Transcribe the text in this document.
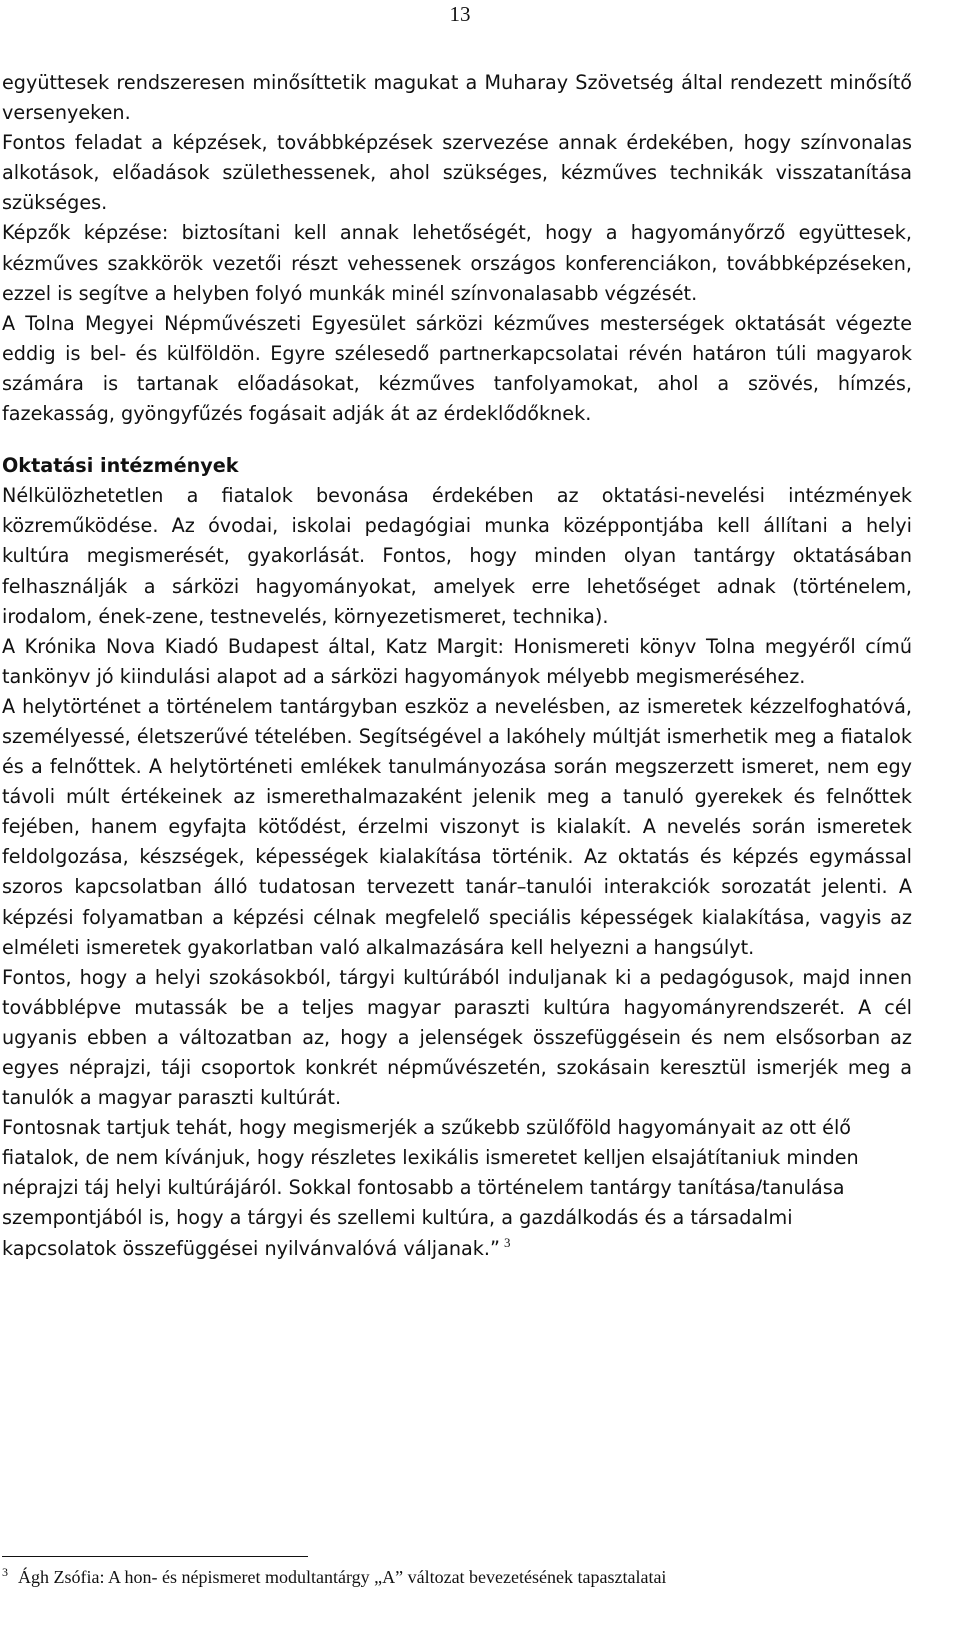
13

együttesek rendszeresen minősíttetik magukat a Muharay Szövetség által rendezett minősítő versenyeken.

Fontos feladat a képzések, továbbképzések szervezése annak érdekében, hogy színvonalas alkotások, előadások születhessenek, ahol szükséges, kézműves technikák visszatanítása szükséges.

Képzők képzése: biztosítani kell annak lehetőségét, hogy a hagyományőrző együttesek, kézműves szakkörök vezetői részt vehessenek országos konferenciákon, továbbképzéseken, ezzel is segítve a helyben folyó munkák minél színvonalasabb végzését.

A Tolna Megyei Népművészeti Egyesület sárközi kézműves mesterségek oktatását végezte eddig is bel- és külföldön. Egyre szélesedő partnerkapcsolatai révén határon túli magyarok számára is tartanak előadásokat, kézműves tanfolyamokat, ahol a szövés, hímzés, fazekasság, gyöngyfűzés fogásait adják át az érdeklődőknek.

Oktatási intézmények

Nélkülözhetetlen a fiatalok bevonása érdekében az oktatási-nevelési intézmények közreműködése. Az óvodai, iskolai pedagógiai munka középpontjába kell állítani a helyi kultúra megismerését, gyakorlását. Fontos, hogy minden olyan tantárgy oktatásában felhasználják a sárközi hagyományokat, amelyek erre lehetőséget adnak (történelem, irodalom, ének-zene, testnevelés, környezetismeret, technika).

A Krónika Nova Kiadó Budapest által, Katz Margit: Honismereti könyv Tolna megyéről című tankönyv jó kiindulási alapot ad a sárközi hagyományok mélyebb megismeréséhez.

A helytörténet a történelem tantárgyban eszköz a nevelésben, az ismeretek kézzelfoghatóvá, személyessé, életszerűvé tételében. Segítségével a lakóhely múltját ismerhetik meg a fiatalok és a felnőttek. A helytörténeti emlékek tanulmányozása során megszerzett ismeret, nem egy távoli múlt értékeinek az ismerethalmazaként jelenik meg a tanuló gyerekek és felnőttek fejében, hanem egyfajta kötődést, érzelmi viszonyt is kialakít. A nevelés során ismeretek feldolgozása, készségek, képességek kialakítása történik. Az oktatás és képzés egymással szoros kapcsolatban álló tudatosan tervezett tanár–tanulói interakciók sorozatát jelenti. A képzési folyamatban a képzési célnak megfelelő speciális képességek kialakítása, vagyis az elméleti ismeretek gyakorlatban való alkalmazására kell helyezni a hangsúlyt.

Fontos, hogy a helyi szokásokból, tárgyi kultúrából induljanak ki a pedagógusok, majd innen továbblépve mutassák be a teljes magyar paraszti kultúra hagyományrendszerét. A cél ugyanis ebben a változatban az, hogy a jelenségek összefüggésein és nem elsősorban az egyes néprajzi, táji csoportok konkrét népművészetén, szokásain keresztül ismerjék meg a tanulók a magyar paraszti kultúrát.

Fontosnak tartjuk tehát, hogy megismerjék a szűkebb szülőföld hagyományait az ott élő fiatalok, de nem kívánjuk, hogy részletes lexikális ismeretet kelljen elsajátítaniuk minden néprajzi táj helyi kultúrájáról. Sokkal fontosabb a történelem tantárgy tanítása/tanulása szempontjából is, hogy a tárgyi és szellemi kultúra, a gazdálkodás és a társadalmi kapcsolatok összefüggései nyilvánvalóvá váljanak.” $^3$

$^3$ Ágh Zsófia: A hon- és népismeret modultantárgy „A” változat bevezetésének tapasztalatai
